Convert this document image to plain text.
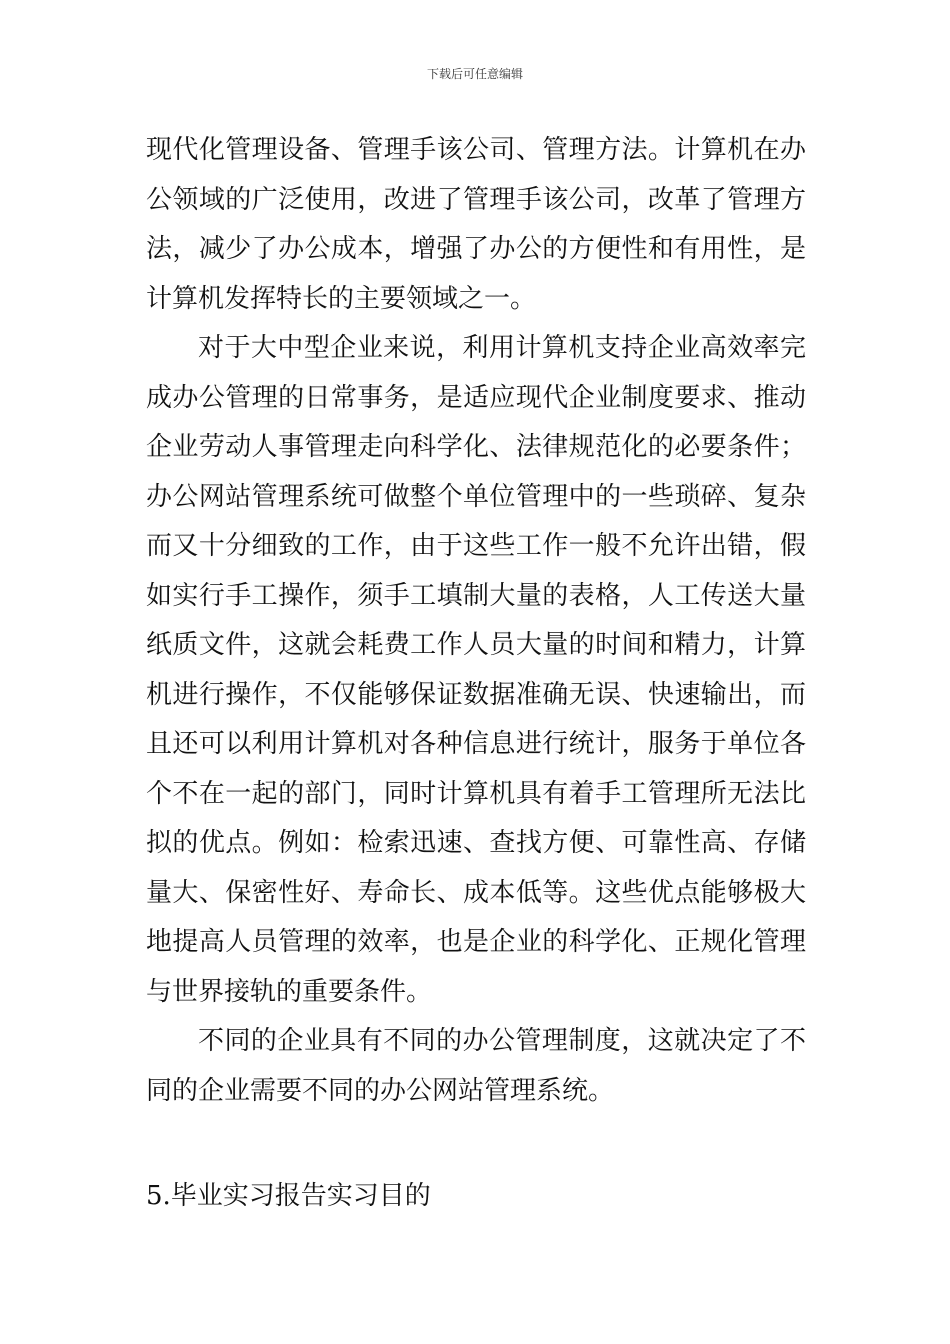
下载后可任意编辑

现代化管理设备、管理手该公司、管理方法。计算机在办公领域的广泛使用，改进了管理手该公司，改革了管理方法，减少了办公成本，增强了办公的方便性和有用性，是计算机发挥特长的主要领域之一。

对于大中型企业来说，利用计算机支持企业高效率完成办公管理的日常事务，是适应现代企业制度要求、推动企业劳动人事管理走向科学化、法律规范化的必要条件；办公网站管理系统可做整个单位管理中的一些琐碎、复杂而又十分细致的工作，由于这些工作一般不允许出错，假如实行手工操作，须手工填制大量的表格，人工传送大量纸质文件，这就会耗费工作人员大量的时间和精力，计算机进行操作，不仅能够保证数据准确无误、快速输出，而且还可以利用计算机对各种信息进行统计，服务于单位各个不在一起的部门，同时计算机具有着手工管理所无法比拟的优点。例如：检索迅速、查找方便、可靠性高、存储量大、保密性好、寿命长、成本低等。这些优点能够极大地提高人员管理的效率，也是企业的科学化、正规化管理与世界接轨的重要条件。

不同的企业具有不同的办公管理制度，这就决定了不同的企业需要不同的办公网站管理系统。

5.毕业实习报告实习目的
